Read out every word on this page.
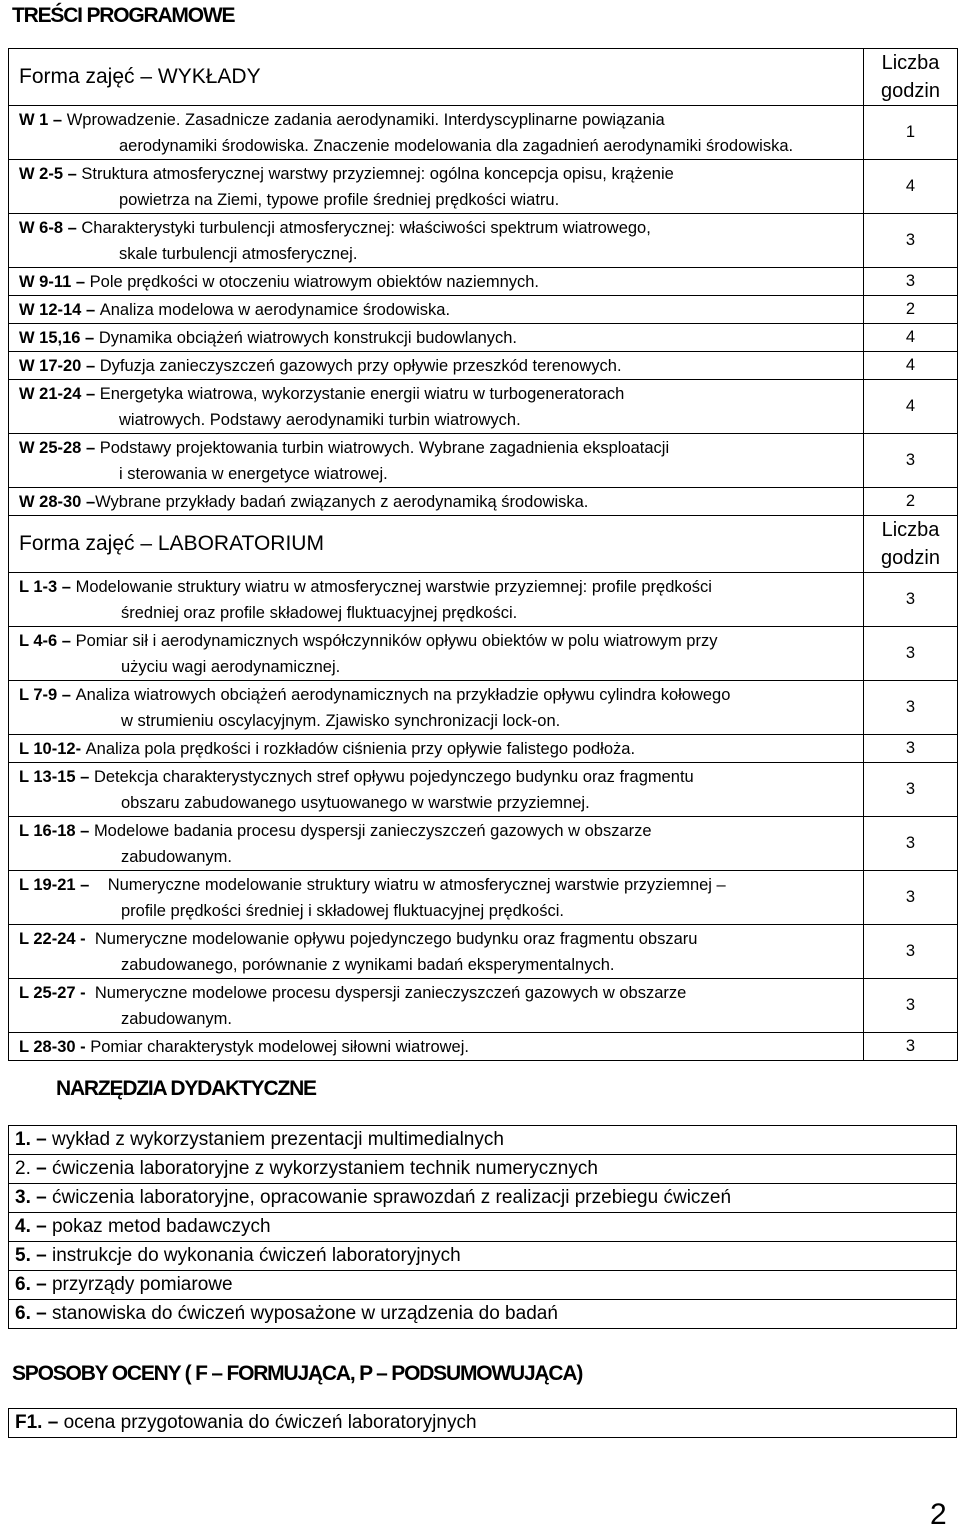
TREŚCI PROGRAMOWE
Forma zajęć – WYKŁADY	Liczba
godzin
W 1 – Wprowadzenie. Zasadnicze zadania aerodynamiki. Interdyscyplinarne powiązania
aerodynamiki środowiska. Znaczenie modelowania dla zagadnień aerodynamiki środowiska.	1
W 2-5 – Struktura atmosferycznej warstwy przyziemnej: ogólna koncepcja opisu, krążenie
powietrza na Ziemi, typowe profile średniej prędkości wiatru.	4
W 6-8 – Charakterystyki turbulencji atmosferycznej: właściwości spektrum wiatrowego,
skale turbulencji atmosferycznej.	3
W 9-11 – Pole prędkości w otoczeniu wiatrowym obiektów naziemnych.	3
W 12-14 – Analiza modelowa w aerodynamice środowiska.	2
W 15,16 – Dynamika obciążeń wiatrowych konstrukcji budowlanych.	4
W 17-20 – Dyfuzja zanieczyszczeń gazowych przy opływie przeszkód terenowych.	4
W 21-24 – Energetyka wiatrowa, wykorzystanie energii wiatru w turbogeneratorach
wiatrowych. Podstawy aerodynamiki turbin wiatrowych.	4
W 25-28 – Podstawy projektowania turbin wiatrowych. Wybrane zagadnienia eksploatacji
i sterowania w energetyce wiatrowej.	3
W 28-30 –Wybrane przykłady badań związanych z aerodynamiką środowiska.	2
Forma zajęć – LABORATORIUM	Liczba
godzin
L 1-3 – Modelowanie struktury wiatru w atmosferycznej warstwie przyziemnej: profile prędkości
średniej oraz profile składowej fluktuacyjnej prędkości.	3
L 4-6 – Pomiar sił i aerodynamicznych współczynników opływu obiektów w polu wiatrowym przy
użyciu wagi aerodynamicznej.	3
L 7-9 – Analiza wiatrowych obciążeń aerodynamicznych na przykładzie opływu cylindra kołowego
w strumieniu oscylacyjnym. Zjawisko synchronizacji lock-on.	3
L 10-12- Analiza pola prędkości i rozkładów ciśnienia przy opływie falistego podłoża.	3
L 13-15 – Detekcja charakterystycznych stref opływu pojedynczego budynku oraz fragmentu
obszaru zabudowanego usytuowanego w warstwie przyziemnej.	3
L 16-18 – Modelowe badania procesu dyspersji zanieczyszczeń gazowych w obszarze
zabudowanym.	3
L 19-21 –    Numeryczne modelowanie struktury wiatru w atmosferycznej warstwie przyziemnej –
profile prędkości średniej i składowej fluktuacyjnej prędkości.	3
L 22-24 -  Numeryczne modelowanie opływu pojedynczego budynku oraz fragmentu obszaru
zabudowanego, porównanie z wynikami badań eksperymentalnych.	3
L 25-27 -  Numeryczne modelowe procesu dyspersji zanieczyszczeń gazowych w obszarze
zabudowanym.	3
L 28-30 - Pomiar charakterystyk modelowej siłowni wiatrowej.	3
NARZĘDZIA DYDAKTYCZNE
1. – wykład z wykorzystaniem prezentacji multimedialnych
2. – ćwiczenia laboratoryjne z wykorzystaniem technik numerycznych
3. – ćwiczenia laboratoryjne, opracowanie sprawozdań z realizacji przebiegu ćwiczeń
4. – pokaz metod badawczych
5. – instrukcje do wykonania ćwiczeń laboratoryjnych
6. – przyrządy pomiarowe
6. – stanowiska do ćwiczeń wyposażone w urządzenia do badań
SPOSOBY OCENY ( F – FORMUJĄCA, P – PODSUMOWUJĄCA)
F1. – ocena przygotowania do ćwiczeń laboratoryjnych
2
